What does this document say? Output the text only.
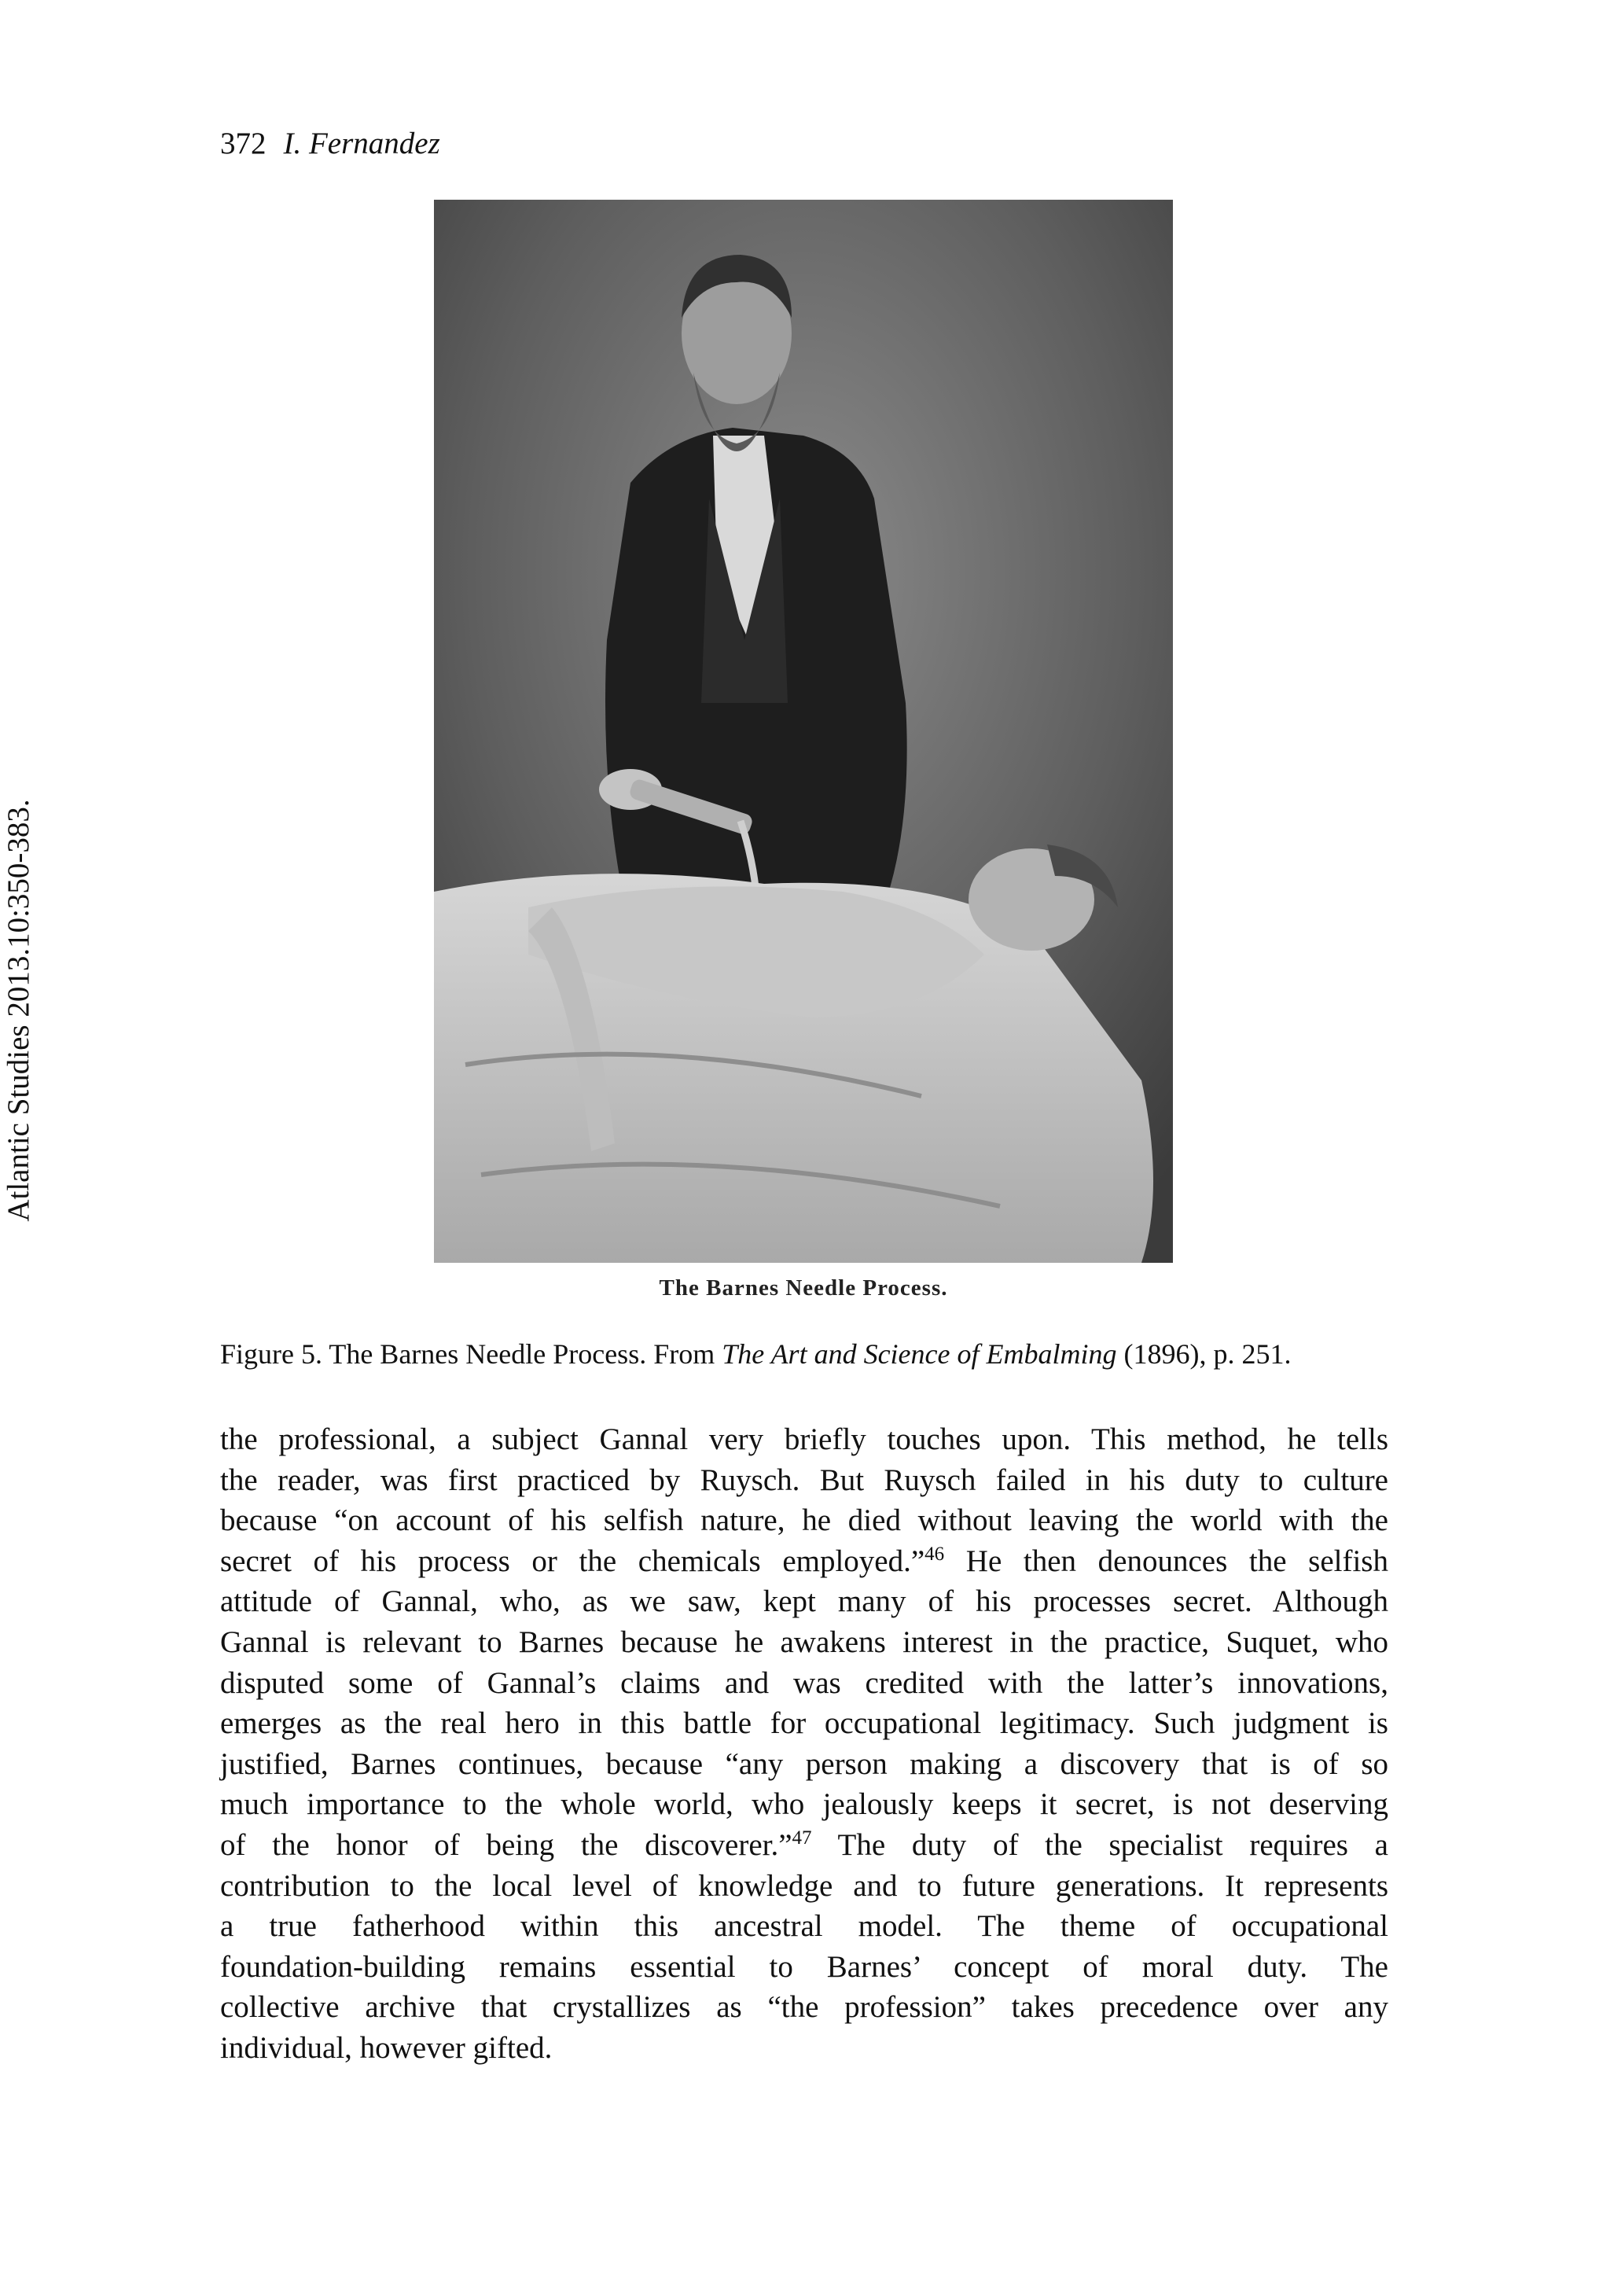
372 I. Fernandez
Atlantic Studies 2013.10:350-383.
The Barnes Needle Process.
Figure 5. The Barnes Needle Process. From The Art and Science of Embalming (1896), p. 251.
the professional, a subject Gannal very briefly touches upon. This method, he tells
the reader, was first practiced by Ruysch. But Ruysch failed in his duty to culture
because “on account of his selfish nature, he died without leaving the world with the
secret of his process or the chemicals employed.”$^{46}$ He then denounces the selfish
attitude of Gannal, who, as we saw, kept many of his processes secret. Although
Gannal is relevant to Barnes because he awakens interest in the practice, Suquet, who
disputed some of Gannal’s claims and was credited with the latter’s innovations,
emerges as the real hero in this battle for occupational legitimacy. Such judgment is
justified, Barnes continues, because “any person making a discovery that is of so
much importance to the whole world, who jealously keeps it secret, is not deserving
of the honor of being the discoverer.”$^{47}$ The duty of the specialist requires a
contribution to the local level of knowledge and to future generations. It represents
a true fatherhood within this ancestral model. The theme of occupational
foundation-building remains essential to Barnes’ concept of moral duty. The
collective archive that crystallizes as “the profession” takes precedence over any
individual, however gifted.
